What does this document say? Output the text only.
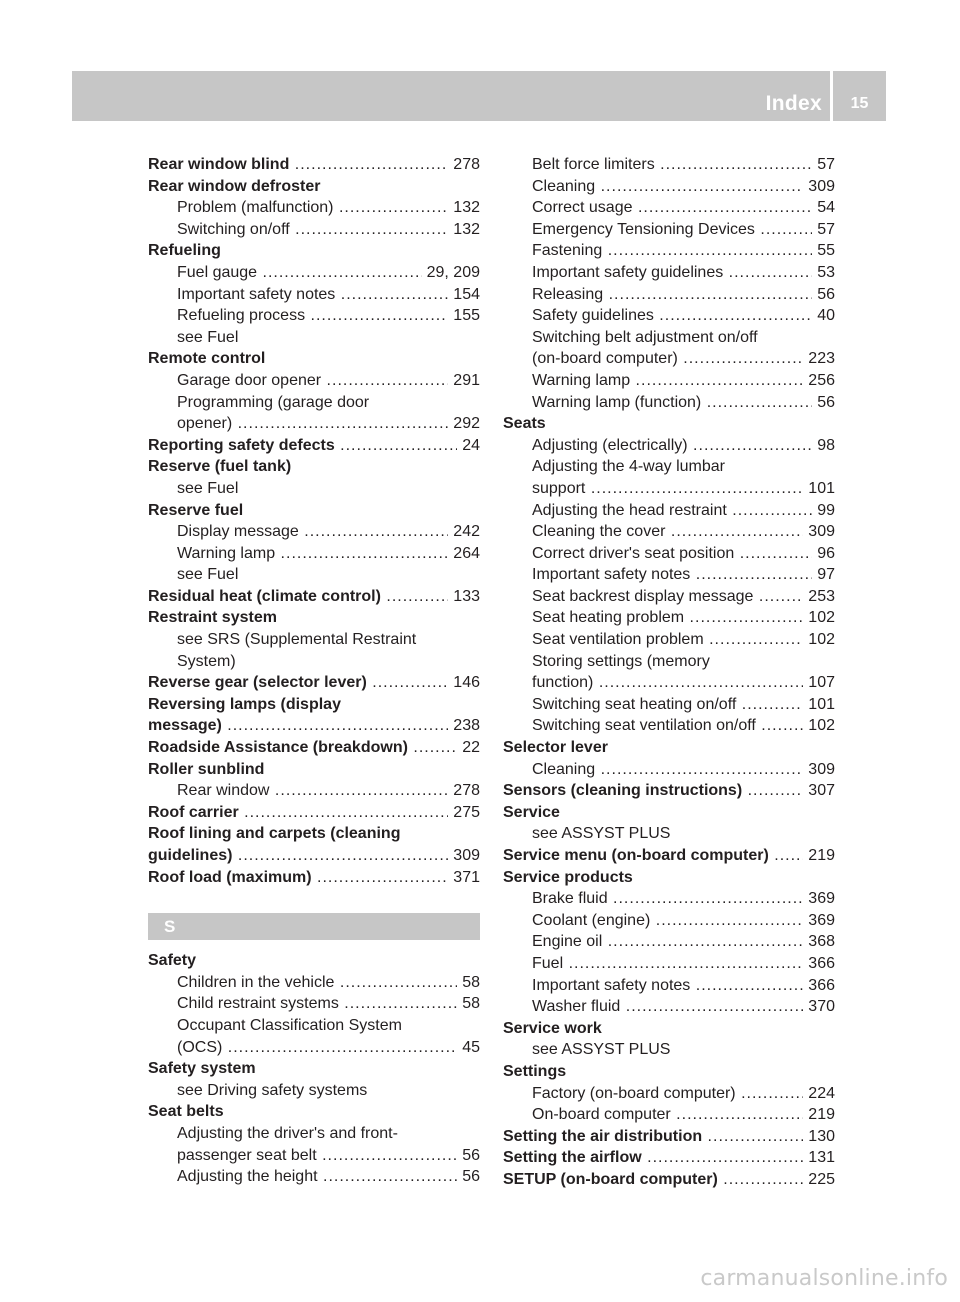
Index	15
Rear window blind .....	278
Rear window defroster
Problem (malfunction) .....	132
Switching on/off .....	132
Refueling
Fuel gauge .....	29, 209
Important safety notes .....	154
Refueling process .....	155
see Fuel
Remote control
Garage door opener .....	291
Programming (garage door
opener) .....	292
Reporting safety defects .....	24
Reserve (fuel tank)
see Fuel
Reserve fuel
Display message .....	242
Warning lamp .....	264
see Fuel
Residual heat (climate control) .....	133
Restraint system
see SRS (Supplemental Restraint
System)
Reverse gear (selector lever) .....	146
Reversing lamps (display
message) .....	238
Roadside Assistance (breakdown) .....	22
Roller sunblind
Rear window .....	278
Roof carrier .....	275
Roof lining and carpets (cleaning
guidelines) .....	309
Roof load (maximum) .....	371
S
Safety
Children in the vehicle .....	58
Child restraint systems .....	58
Occupant Classification System
(OCS) .....	45
Safety system
see Driving safety systems
Seat belts
Adjusting the driver's and front-
passenger seat belt .....	56
Adjusting the height .....	56
Belt force limiters .....	57
Cleaning .....	309
Correct usage .....	54
Emergency Tensioning Devices .....	57
Fastening .....	55
Important safety guidelines .....	53
Releasing .....	56
Safety guidelines .....	40
Switching belt adjustment on/off
(on-board computer) .....	223
Warning lamp .....	256
Warning lamp (function) .....	56
Seats
Adjusting (electrically) .....	98
Adjusting the 4-way lumbar
support .....	101
Adjusting the head restraint .....	99
Cleaning the cover .....	309
Correct driver's seat position .....	96
Important safety notes .....	97
Seat backrest display message .....	253
Seat heating problem .....	102
Seat ventilation problem .....	102
Storing settings (memory
function) .....	107
Switching seat heating on/off .....	101
Switching seat ventilation on/off .....	102
Selector lever
Cleaning .....	309
Sensors (cleaning instructions) .....	307
Service
see ASSYST PLUS
Service menu (on-board computer) .....	219
Service products
Brake fluid .....	369
Coolant (engine) .....	369
Engine oil .....	368
Fuel .....	366
Important safety notes .....	366
Washer fluid .....	370
Service work
see ASSYST PLUS
Settings
Factory (on-board computer) .....	224
On-board computer .....	219
Setting the air distribution .....	130
Setting the airflow .....	131
SETUP (on-board computer) .....	225
carmanualsonline.info
